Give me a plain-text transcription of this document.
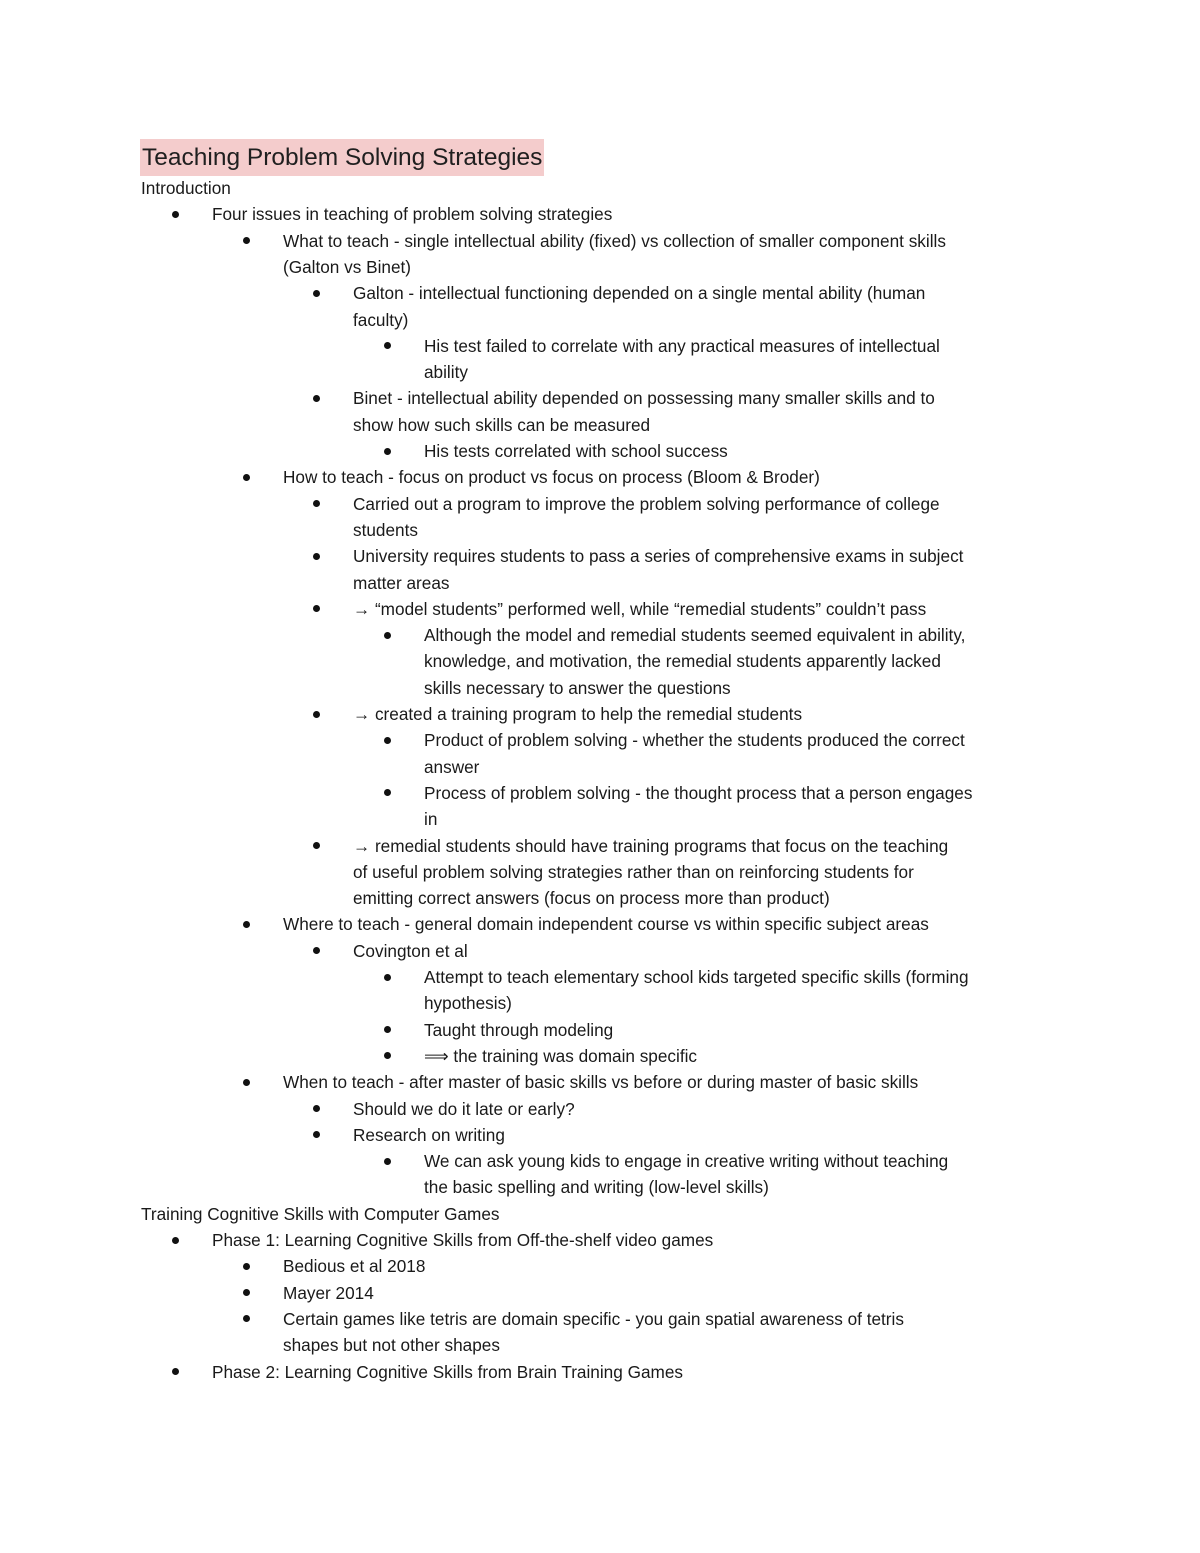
Teaching Problem Solving Strategies
Introduction
Four issues in teaching of problem solving strategies
What to teach - single intellectual ability (fixed) vs collection of smaller component skills
(Galton vs Binet)
Galton - intellectual functioning depended on a single mental ability (human
faculty)
His test failed to correlate with any practical measures of intellectual
ability
Binet - intellectual ability depended on possessing many smaller skills and to
show how such skills can be measured
His tests correlated with school success
How to teach - focus on product vs focus on process (Bloom & Broder)
Carried out a program to improve the problem solving performance of college
students
University requires students to pass a series of comprehensive exams in subject
matter areas
→ “model students” performed well, while “remedial students” couldn’t pass
Although the model and remedial students seemed equivalent in ability,
knowledge, and motivation, the remedial students apparently lacked
skills necessary to answer the questions
→ created a training program to help the remedial students
Product of problem solving - whether the students produced the correct
answer
Process of problem solving - the thought process that a person engages
in
→ remedial students should have training programs that focus on the teaching
of useful problem solving strategies rather than on reinforcing students for
emitting correct answers (focus on process more than product)
Where to teach - general domain independent course vs within specific subject areas
Covington et al
Attempt to teach elementary school kids targeted specific skills (forming
hypothesis)
Taught through modeling
⟹ the training was domain specific
When to teach - after master of basic skills vs before or during master of basic skills
Should we do it late or early?
Research on writing
We can ask young kids to engage in creative writing without teaching
the basic spelling and writing (low-level skills)
Training Cognitive Skills with Computer Games
Phase 1: Learning Cognitive Skills from Off-the-shelf video games
Bedious et al 2018
Mayer 2014
Certain games like tetris are domain specific - you gain spatial awareness of tetris
shapes but not other shapes
Phase 2: Learning Cognitive Skills from Brain Training Games
